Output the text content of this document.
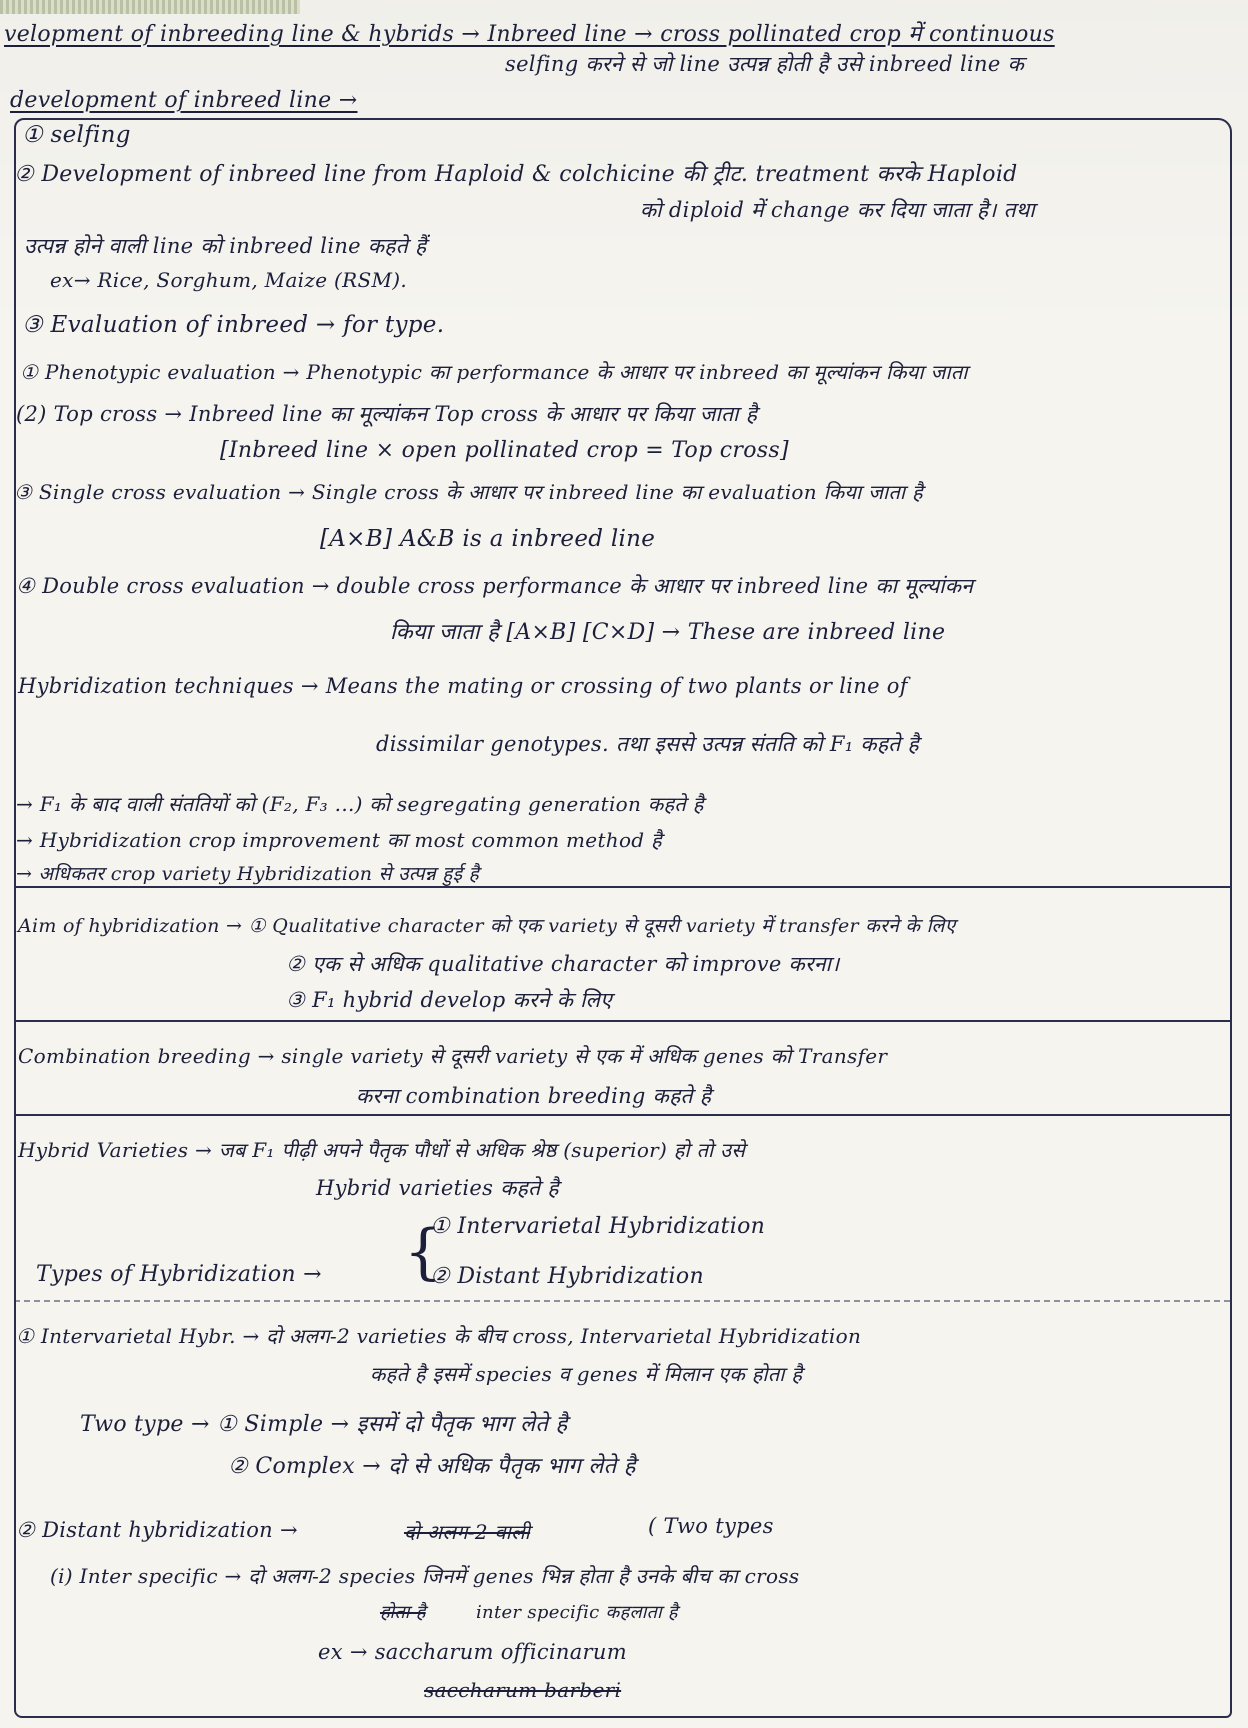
velopment of inbreeding line & hybrids → Inbreed line → cross pollinated crop में continuous
selfing करने से जो line उत्पन्न होती है उसे inbreed line क
development of inbreed line →
① selfing
② Development of inbreed line from Haploid & colchicine की ट्रीट. treatment करके Haploid
को diploid में change कर दिया जाता है। तथा
उत्पन्न होने वाली line को inbreed line कहते हैं
ex→ Rice, Sorghum, Maize (RSM).
③ Evaluation of inbreed → for type.
① Phenotypic evaluation → Phenotypic का performance के आधार पर inbreed का मूल्यांकन किया जाता
(2) Top cross → Inbreed line का मूल्यांकन Top cross के आधार पर किया जाता है
[Inbreed line × open pollinated crop = Top cross]
③ Single cross evaluation → Single cross के आधार पर inbreed line का evaluation किया जाता है
[A×B] A&B is a inbreed line
④ Double cross evaluation → double cross performance के आधार पर inbreed line का मूल्यांकन
किया जाता है [A×B] [C×D] → These are inbreed line
Hybridization techniques → Means the mating or crossing of two plants or line of
dissimilar genotypes. तथा इससे उत्पन्न संतति को F₁ कहते है
→ F₁ के बाद वाली संततियों को (F₂, F₃ ...) को segregating generation कहते है
→ Hybridization crop improvement का most common method है
→ अधिकतर crop variety Hybridization से उत्पन्न हुई है
Aim of hybridization → ① Qualitative character को एक variety से दूसरी variety में transfer करने के लिए
② एक से अधिक qualitative character को improve करना।
③ F₁ hybrid develop करने के लिए
Combination breeding → single variety से दूसरी variety से एक में अधिक genes को Transfer
करना combination breeding कहते है
Hybrid Varieties → जब F₁ पीढ़ी अपने पैतृक पौधों से अधिक श्रेष्ठ (superior) हो तो उसे
Hybrid varieties कहते है
① Intervarietal Hybridization
Types of Hybridization → {
② Distant Hybridization
① Intervarietal Hybr. → दो अलग-2 varieties के बीच cross, Intervarietal Hybridization
कहते है इसमें species व genes में मिलान एक होता है
Two type → ① Simple → इसमें दो पैतृक भाग लेते है
② Complex → दो से अधिक पैतृक भाग लेते है
② Distant hybridization →	दो अलग-2 वाली	( Two types
(i) Inter specific → दो अलग-2 species जिनमें genes भिन्न होता है उनके बीच का cross
होता है	inter specific कहलाता है
ex → saccharum officinarum
saccharum barberi
